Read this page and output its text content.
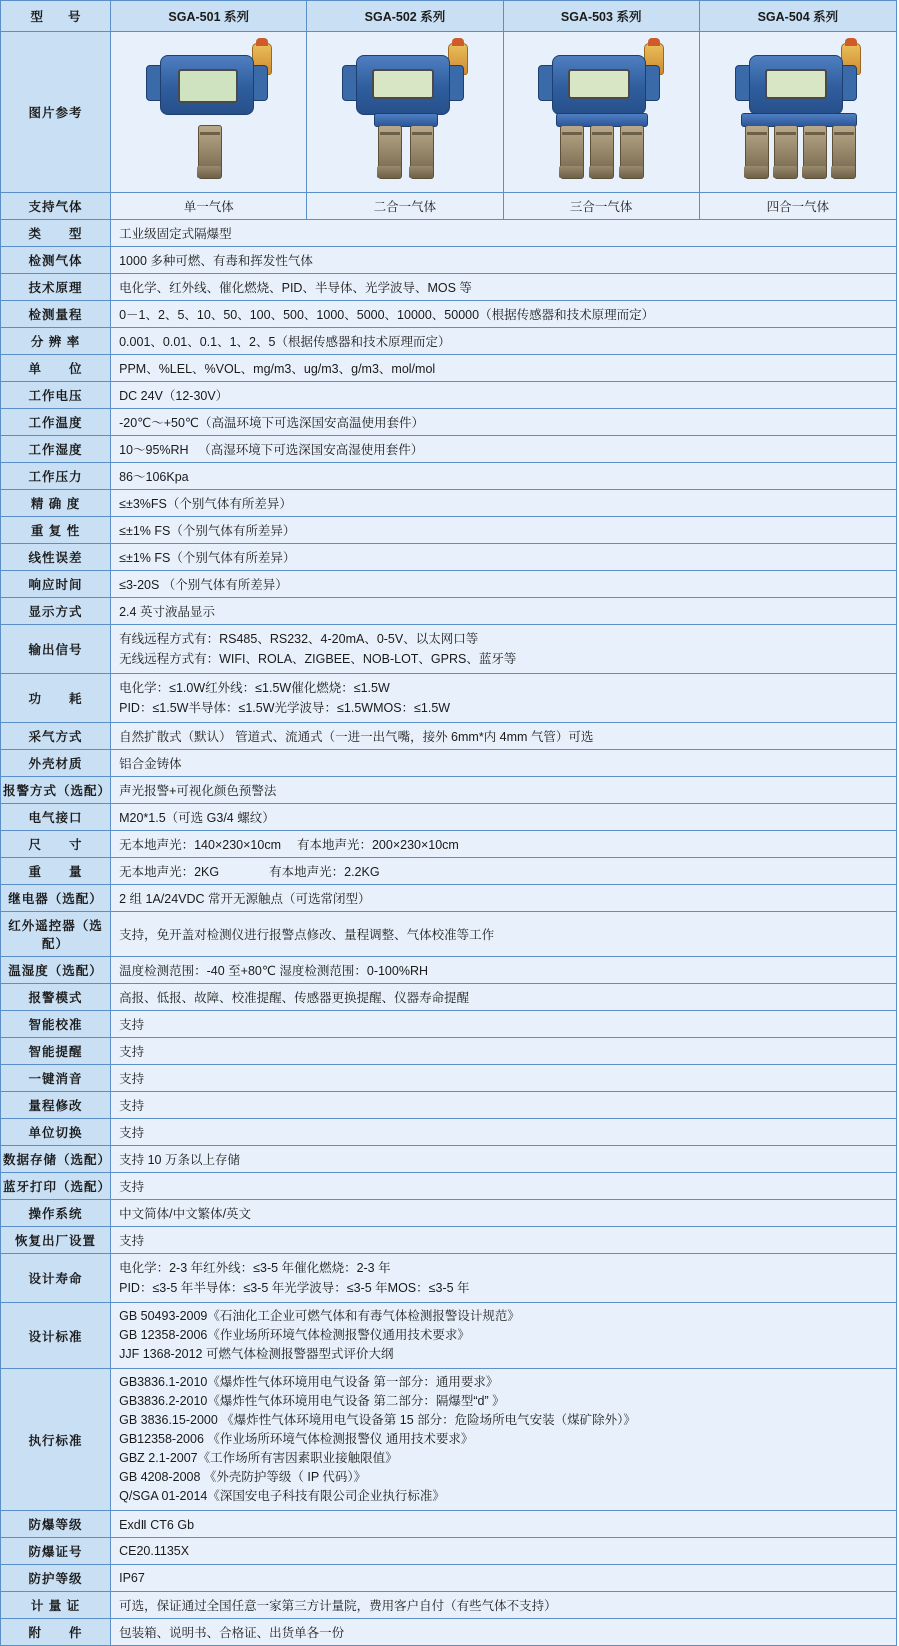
型　　号	SGA-501 系列	SGA-502 系列	SGA-503 系列	SGA-504 系列
图片参考	

支持气体	单一气体	二合一气体	三合一气体	四合一气体
类　　型	工业级固定式隔爆型			
检测气体	1000 多种可燃、有毒和挥发性气体			
技术原理	电化学、红外线、催化燃烧、PID、半导体、光学波导、MOS 等			
检测量程	0－1、2、5、10、50、100、500、1000、5000、10000、50000（根据传感器和技术原理而定）			
分 辨 率	0.001、0.01、0.1、1、2、5（根据传感器和技术原理而定）			
单　　位	PPM、%LEL、%VOL、mg/m3、ug/m3、g/m3、mol/mol			
工作电压	DC 24V（12-30V）			
工作温度	-20℃～+50℃（高温环境下可选深国安高温使用套件）			
工作湿度	10～95%RH 　（高湿环境下可选深国安高湿使用套件）			
工作压力	86～106Kpa			
精 确 度	≤±3%FS（个别气体有所差异）			
重 复 性	≤±1% FS（个别气体有所差异）			
线性误差	≤±1% FS（个别气体有所差异）			
响应时间	≤3-20S （个别气体有所差异）			
显示方式	2.4 英寸液晶显示			
输出信号	有线远程方式有：RS485、RS232、4-20mA、0-5V、以太网口等
无线远程方式有：WIFI、ROLA、ZIGBEE、NOB-LOT、GPRS、蓝牙等			

功　　耗	电化学：≤1.0W红外线：≤1.5W催化燃烧：≤1.5W
PID：≤1.5W半导体：≤1.5W光学波导：≤1.5WMOS：≤1.5W			

采气方式	自然扩散式（默认） 管道式、流通式（一进一出气嘴，接外 6mm*内 4mm 气管）可选			
外壳材质	铝合金铸体			
报警方式（选配）	声光报警+可视化颜色预警法			
电气接口	M20*1.5（可选 G3/4 螺纹）			
尺　　寸	无本地声光：140×230×10cm　 有本地声光：200×230×10cm			
重　　量	无本地声光：2KG　　　　有本地声光：2.2KG			
继电器（选配）	2 组 1A/24VDC 常开无源触点（可选常闭型）			
红外遥控器（选配）	支持，免开盖对检测仪进行报警点修改、量程调整、气体校准等工作			
温湿度（选配）	温度检测范围：-40 至+80℃ 湿度检测范围：0-100%RH			
报警模式	高报、低报、故障、校准提醒、传感器更换提醒、仪器寿命提醒			
智能校准	支持			
智能提醒	支持			
一键消音	支持			
量程修改	支持			
单位切换	支持			
数据存储（选配）	支持 10 万条以上存储			
蓝牙打印（选配）	支持			
操作系统	中文简体/中文繁体/英文			
恢复出厂设置	支持			
设计寿命	电化学：2-3 年红外线：≤3-5 年催化燃烧：2-3 年
PID：≤3-5 年半导体：≤3-5 年光学波导：≤3-5 年MOS：≤3-5 年			

设计标准	GB 50493-2009《石油化工企业可燃气体和有毒气体检测报警设计规范》
GB 12358-2006《作业场所环境气体检测报警仪通用技术要求》
JJF 1368-2012 可燃气体检测报警器型式评价大纲			

执行标准	
GB3836.1-2010《爆炸性气体环境用电气设备 第一部分：通用要求》
GB3836.2-2010《爆炸性气体环境用电气设备 第二部分：隔爆型“d” 》
GB 3836.15-2000 《爆炸性气体环境用电气设备第 15 部分：危险场所电气安装（煤矿除外）》
GB12358-2006 《作业场所环境气体检测报警仪 通用技术要求》
GBZ 2.1-2007《工作场所有害因素职业接触限值》
GB 4208-2008 《外壳防护等级（ IP 代码）》
Q/SGA 01-2014《深国安电子科技有限公司企业执行标准》

防爆等级	ExdⅡ CT6 Gb			
防爆证号	CE20.1135X			
防护等级	IP67			
计 量 证	可选，保证通过全国任意一家第三方计量院，费用客户自付（有些气体不支持）			
附　　件	包装箱、说明书、合格证、出货单各一份			
